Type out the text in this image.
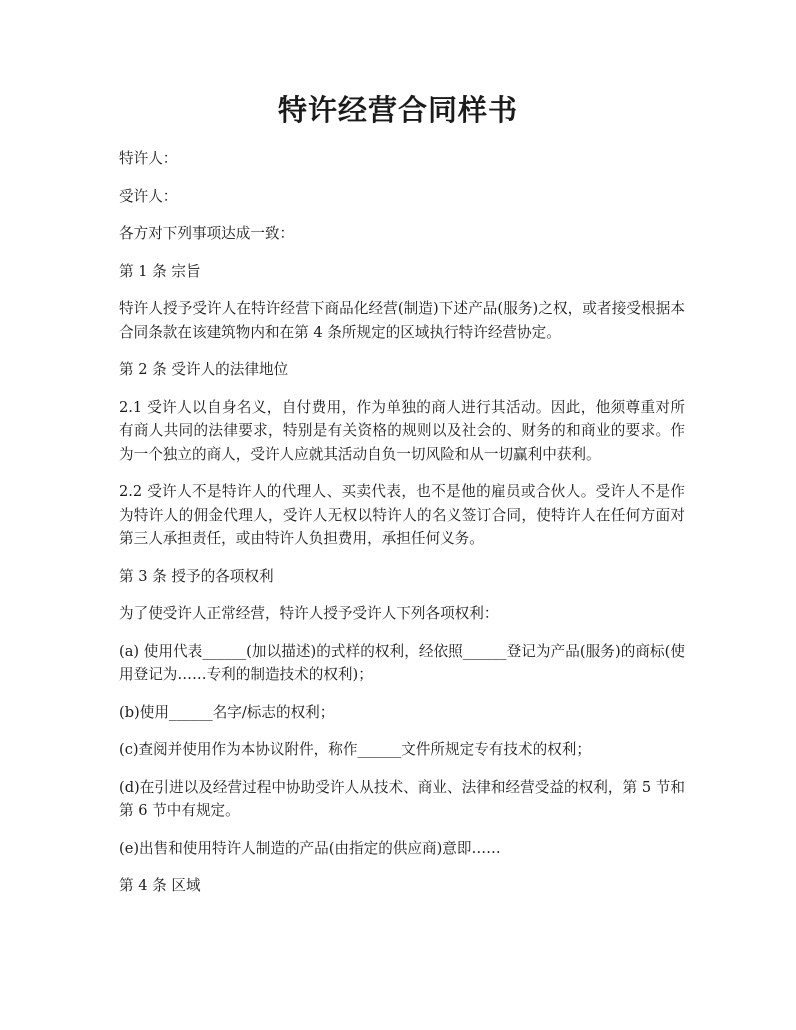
特许经营合同样书

特许人：

受许人：

各方对下列事项达成一致：

第 1 条 宗旨

特许人授予受许人在特许经营下商品化经营(制造)下述产品(服务)之权，或者接受根据本合同条款在该建筑物内和在第 4 条所规定的区域执行特许经营协定。

第 2 条 受许人的法律地位

2.1 受许人以自身名义，自付费用，作为单独的商人进行其活动。因此，他须尊重对所有商人共同的法律要求，特别是有关资格的规则以及社会的、财务的和商业的要求。作为一个独立的商人，受许人应就其活动自负一切风险和从一切赢利中获利。

2.2 受许人不是特许人的代理人、买卖代表，也不是他的雇员或合伙人。受许人不是作为特许人的佣金代理人，受许人无权以特许人的名义签订合同，使特许人在任何方面对第三人承担责任，或由特许人负担费用，承担任何义务。

第 3 条 授予的各项权利

为了使受许人正常经营，特许人授予受许人下列各项权利：

(a) 使用代表______(加以描述)的式样的权利，经依照______登记为产品(服务)的商标(使用登记为……专利的制造技术的权利)；

(b)使用______名字/标志的权利；

(c)查阅并使用作为本协议附件，称作______文件所规定专有技术的权利；

(d)在引进以及经营过程中协助受许人从技术、商业、法律和经营受益的权利，第 5 节和第 6 节中有规定。

(e)出售和使用特许人制造的产品(由指定的供应商)意即……

第 4 条 区域
